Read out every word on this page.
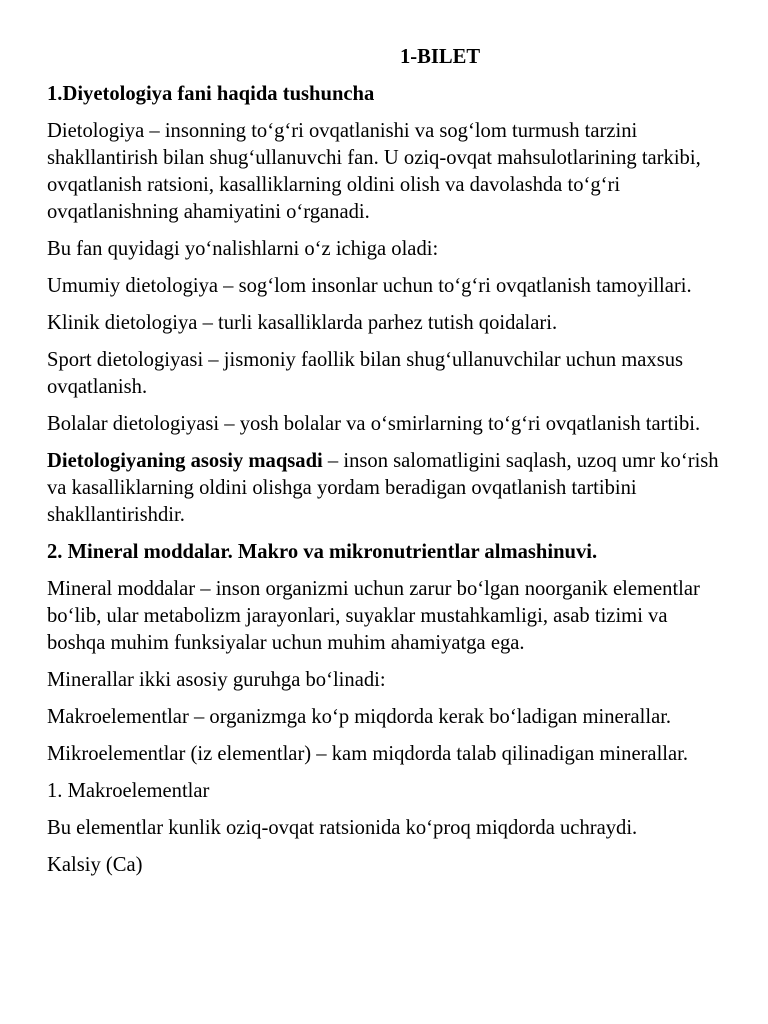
1-BILET
1.Diyetologiya fani haqida tushuncha

Dietologiya – insonning to‘g‘ri ovqatlanishi va sog‘lom turmush tarzini shakllantirish bilan shug‘ullanuvchi fan. U oziq-ovqat mahsulotlarining tarkibi, ovqatlanish ratsioni, kasalliklarning oldini olish va davolashda to‘g‘ri ovqatlanishning ahamiyatini o‘rganadi.

Bu fan quyidagi yo‘nalishlarni o‘z ichiga oladi:

Umumiy dietologiya – sog‘lom insonlar uchun to‘g‘ri ovqatlanish tamoyillari.

Klinik dietologiya – turli kasalliklarda parhez tutish qoidalari.

Sport dietologiyasi – jismoniy faollik bilan shug‘ullanuvchilar uchun maxsus ovqatlanish.

Bolalar dietologiyasi – yosh bolalar va o‘smirlarning to‘g‘ri ovqatlanish tartibi.

Dietologiyaning asosiy maqsadi – inson salomatligini saqlash, uzoq umr ko‘rish va kasalliklarning oldini olishga yordam beradigan ovqatlanish tartibini shakllantirishdir.

2. Mineral moddalar. Makro va mikronutrientlar almashinuvi.

Mineral moddalar – inson organizmi uchun zarur bo‘lgan noorganik elementlar bo‘lib, ular metabolizm jarayonlari, suyaklar mustahkamligi, asab tizimi va boshqa muhim funksiyalar uchun muhim ahamiyatga ega.

Minerallar ikki asosiy guruhga bo‘linadi:

Makroelementlar – organizmga ko‘p miqdorda kerak bo‘ladigan minerallar.

Mikroelementlar (iz elementlar) – kam miqdorda talab qilinadigan minerallar.

1. Makroelementlar

Bu elementlar kunlik oziq-ovqat ratsionida ko‘proq miqdorda uchraydi.

Kalsiy (Ca)
